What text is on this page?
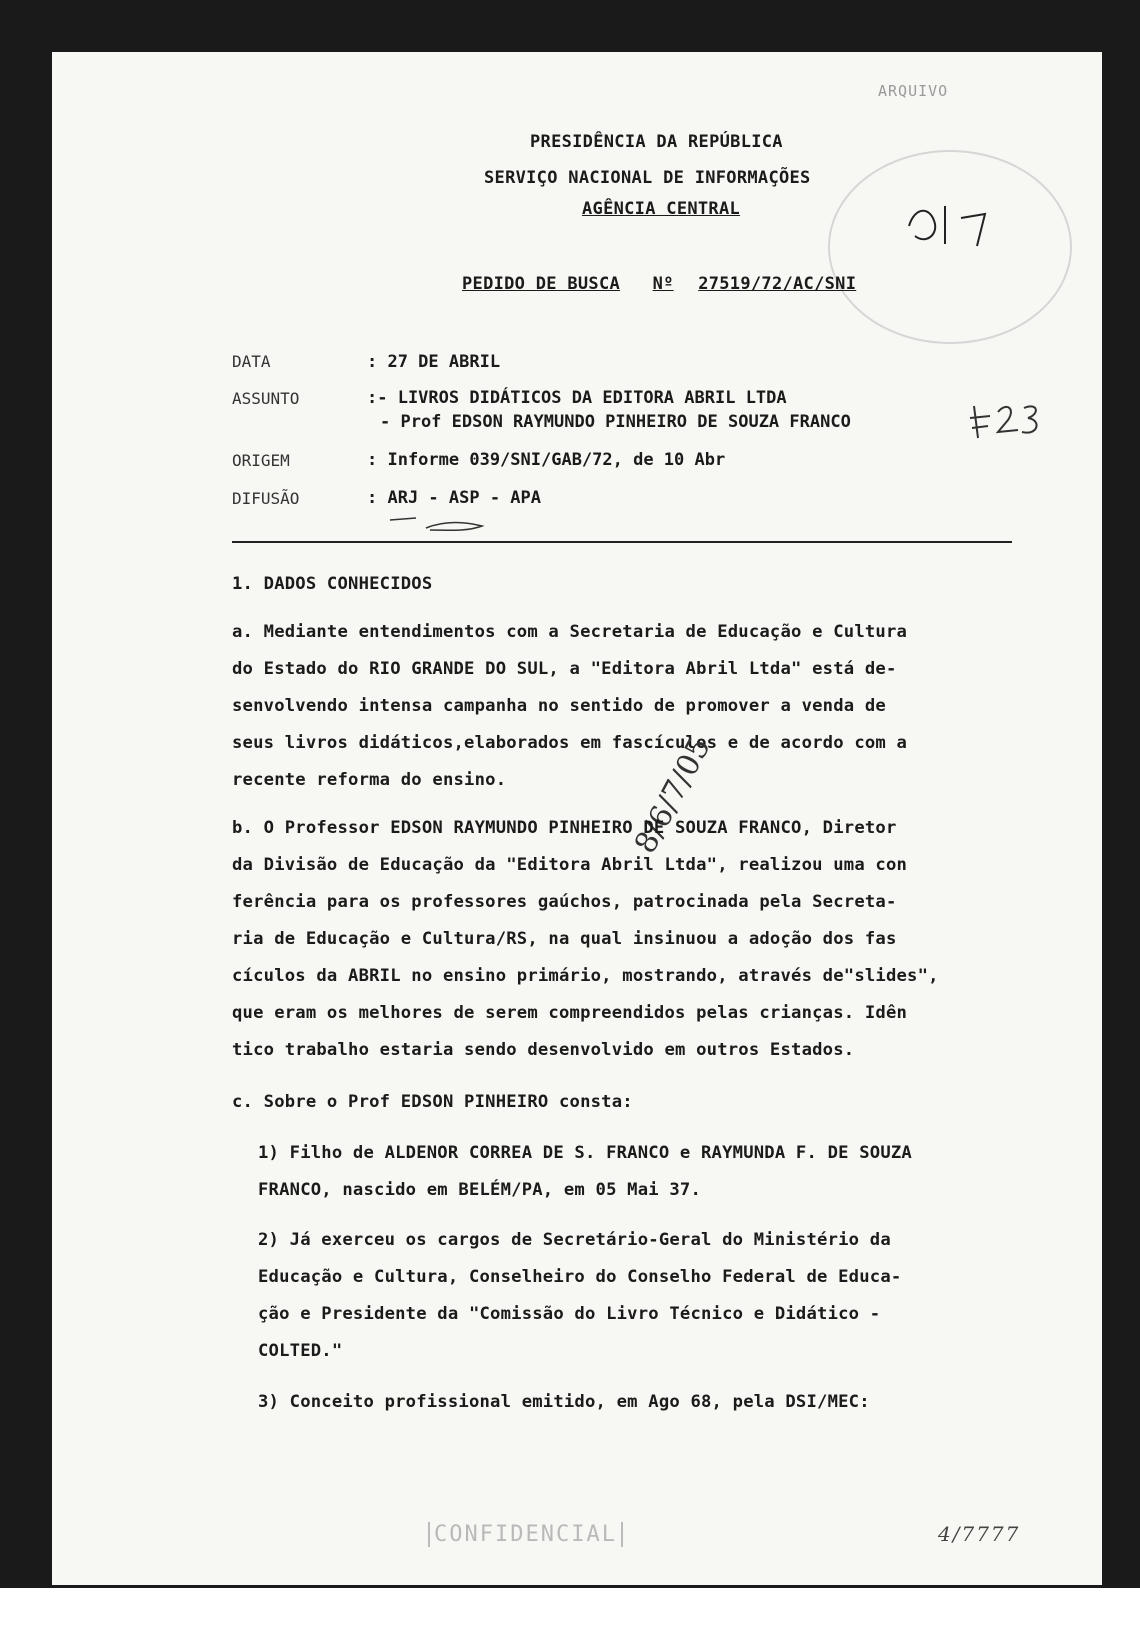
ARQUIVO
PRESIDÊNCIA DA REPÚBLICA
SERVIÇO NACIONAL DE INFORMAÇÕES
AGÊNCIA CENTRAL
PEDIDO DE BUSCA Nº 27519/72/AC/SNI
DATA	: 27 DE ABRIL
ASSUNTO	:- LIVROS DIDÁTICOS DA EDITORA ABRIL LTDA
- Prof EDSON RAYMUNDO PINHEIRO DE SOUZA FRANCO
ORIGEM	: Informe 039/SNI/GAB/72, de 10 Abr
DIFUSÃO	: ARJ - ASP - APA
1. DADOS CONHECIDOS
a. Mediante entendimentos com a Secretaria de Educação e Cultura
do Estado do RIO GRANDE DO SUL, a "Editora Abril Ltda" está de-
senvolvendo intensa campanha no sentido de promover a venda de
seus livros didáticos,elaborados em fascículos e de acordo com a
recente reforma do ensino.	8/6/7/05
b. O Professor EDSON RAYMUNDO PINHEIRO DE SOUZA FRANCO, Diretor
da Divisão de Educação da "Editora Abril Ltda", realizou uma con
ferência para os professores gaúchos, patrocinada pela Secreta-
ria de Educação e Cultura/RS, na qual insinuou a adoção dos fas
cículos da ABRIL no ensino primário, mostrando, através de"slides",
que eram os melhores de serem compreendidos pelas crianças. Idên
tico trabalho estaria sendo desenvolvido em outros Estados.
c. Sobre o Prof EDSON PINHEIRO consta:
1) Filho de ALDENOR CORREA DE S. FRANCO e RAYMUNDA F. DE SOUZA
FRANCO, nascido em BELÉM/PA, em 05 Mai 37.
2) Já exerceu os cargos de Secretário-Geral do Ministério da
Educação e Cultura, Conselheiro do Conselho Federal de Educa-
ção e Presidente da "Comissão do Livro Técnico e Didático -
COLTED."
3) Conceito profissional emitido, em Ago 68, pela DSI/MEC:
CONFIDENCIAL	4/7777
